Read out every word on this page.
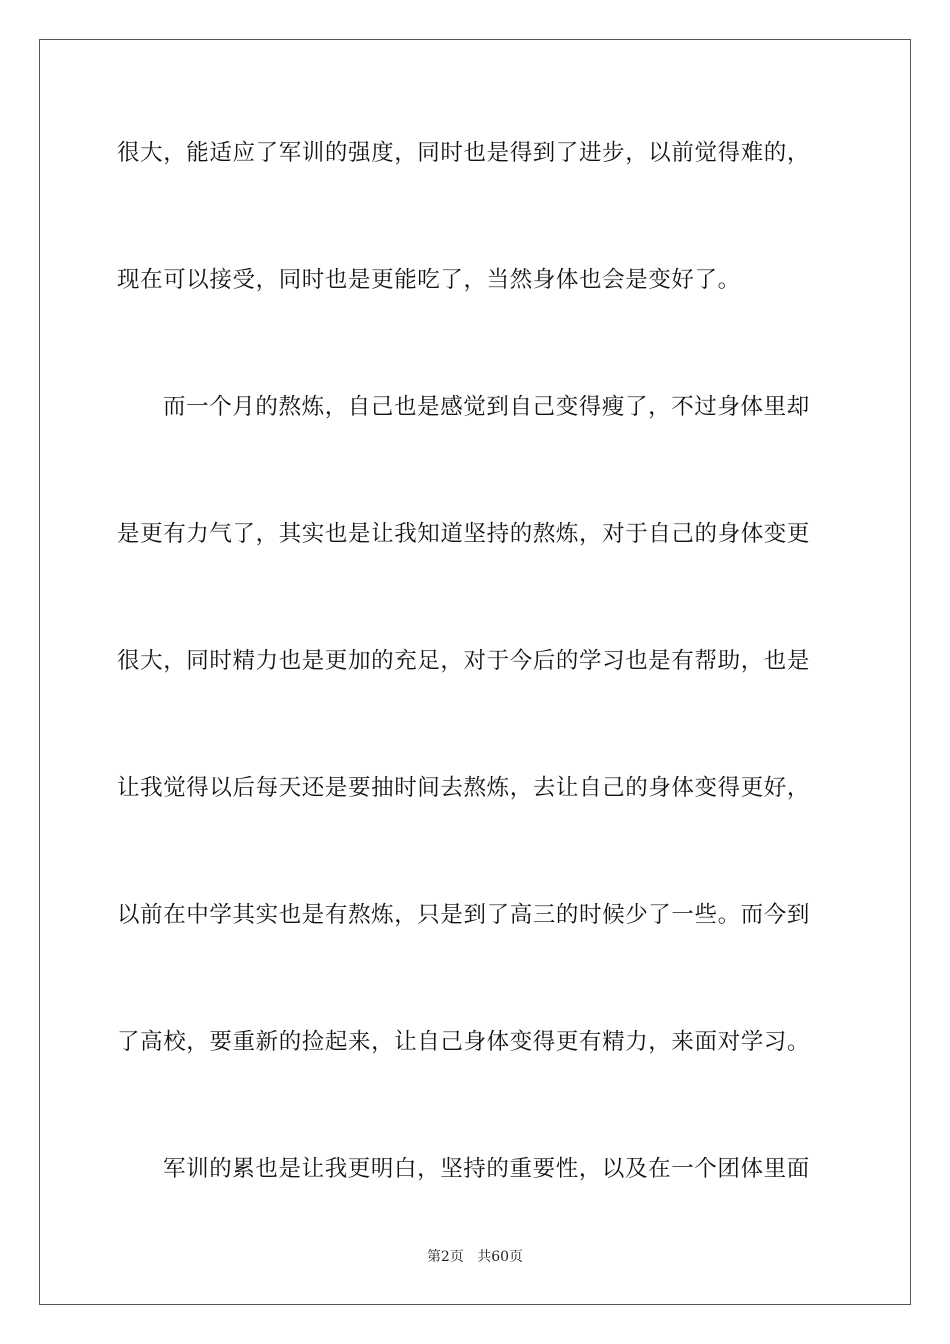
很大，能适应了军训的强度，同时也是得到了进步，以前觉得难的，
现在可以接受，同时也是更能吃了，当然身体也会是变好了。
而一个月的熬炼，自己也是感觉到自己变得瘦了，不过身体里却
是更有力气了，其实也是让我知道坚持的熬炼，对于自己的身体变更
很大，同时精力也是更加的充足，对于今后的学习也是有帮助，也是
让我觉得以后每天还是要抽时间去熬炼，去让自己的身体变得更好，
以前在中学其实也是有熬炼，只是到了高三的时候少了一些。而今到
了高校，要重新的捡起来，让自己身体变得更有精力，来面对学习。
军训的累也是让我更明白，坚持的重要性，以及在一个团体里面
第2页 共60页
